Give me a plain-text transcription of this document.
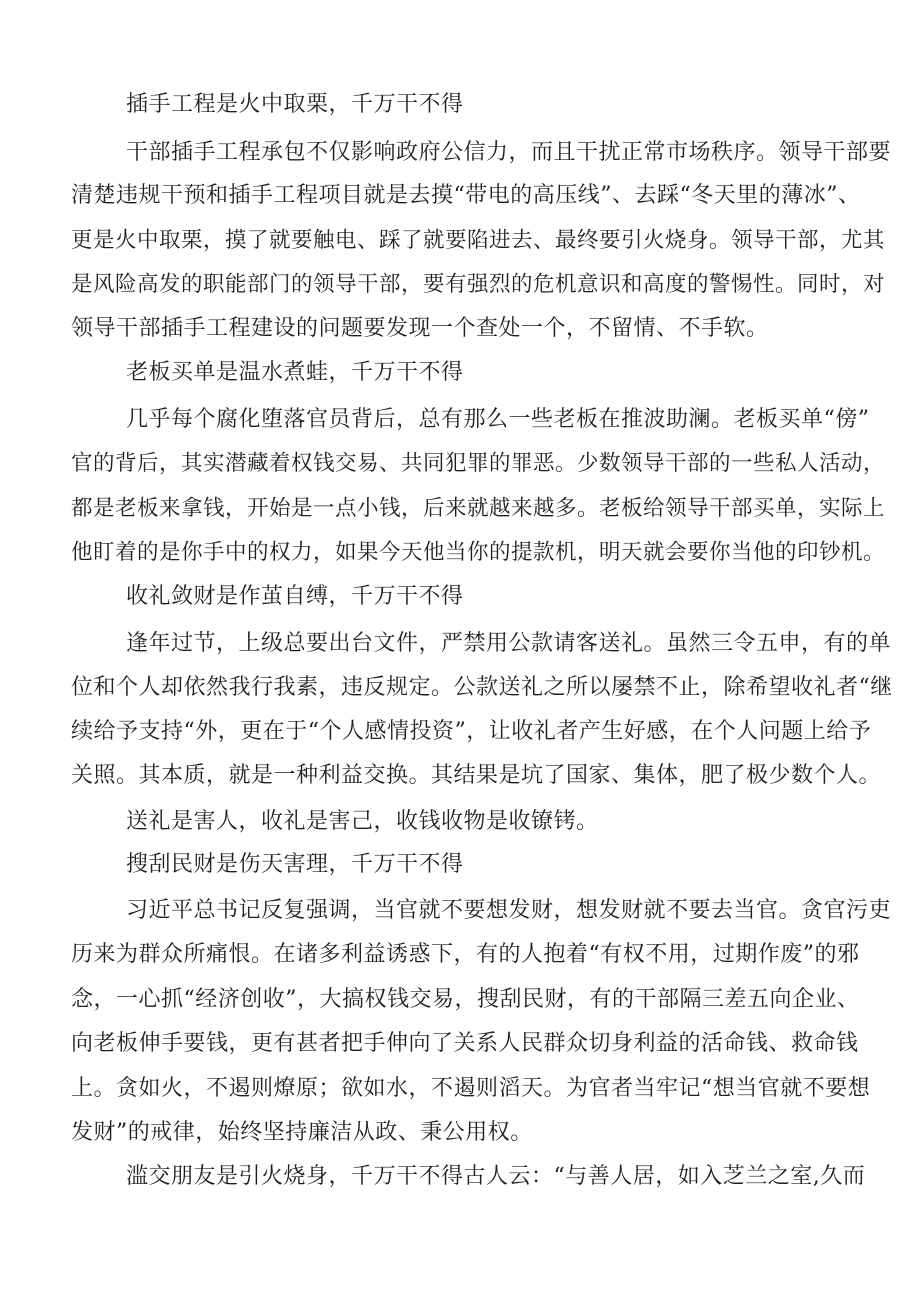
插手工程是火中取栗，千万干不得
干部插手工程承包不仅影响政府公信力，而且干扰正常市场秩序。领导干部要
清楚违规干预和插手工程项目就是去摸“带电的高压线”、去踩“冬天里的薄冰”、
更是火中取栗，摸了就要触电、踩了就要陷进去、最终要引火烧身。领导干部，尤其
是风险高发的职能部门的领导干部，要有强烈的危机意识和高度的警惕性。同时，对
领导干部插手工程建设的问题要发现一个查处一个，不留情、不手软。
老板买单是温水煮蛙，千万干不得
几乎每个腐化堕落官员背后，总有那么一些老板在推波助澜。老板买单“傍”
官的背后，其实潜藏着权钱交易、共同犯罪的罪恶。少数领导干部的一些私人活动，
都是老板来拿钱，开始是一点小钱，后来就越来越多。老板给领导干部买单，实际上
他盯着的是你手中的权力，如果今天他当你的提款机，明天就会要你当他的印钞机。
收礼敛财是作茧自缚，千万干不得
逢年过节，上级总要出台文件，严禁用公款请客送礼。虽然三令五申，有的单
位和个人却依然我行我素，违反规定。公款送礼之所以屡禁不止，除希望收礼者“继
续给予支持“外，更在于“个人感情投资”，让收礼者产生好感，在个人问题上给予
关照。其本质，就是一种利益交换。其结果是坑了国家、集体，肥了极少数个人。
送礼是害人，收礼是害己，收钱收物是收镣铐。
搜刮民财是伤天害理，千万干不得
习近平总书记反复强调，当官就不要想发财，想发财就不要去当官。贪官污吏
历来为群众所痛恨。在诸多利益诱惑下，有的人抱着“有权不用，过期作废”的邪
念，一心抓“经济创收”，大搞权钱交易，搜刮民财，有的干部隔三差五向企业、
向老板伸手要钱，更有甚者把手伸向了关系人民群众切身利益的活命钱、救命钱
上。贪如火，不遏则燎原；欲如水，不遏则滔天。为官者当牢记“想当官就不要想
发财”的戒律，始终坚持廉洁从政、秉公用权。
滥交朋友是引火烧身，千万干不得古人云：“与善人居，如入芝兰之室,久而
